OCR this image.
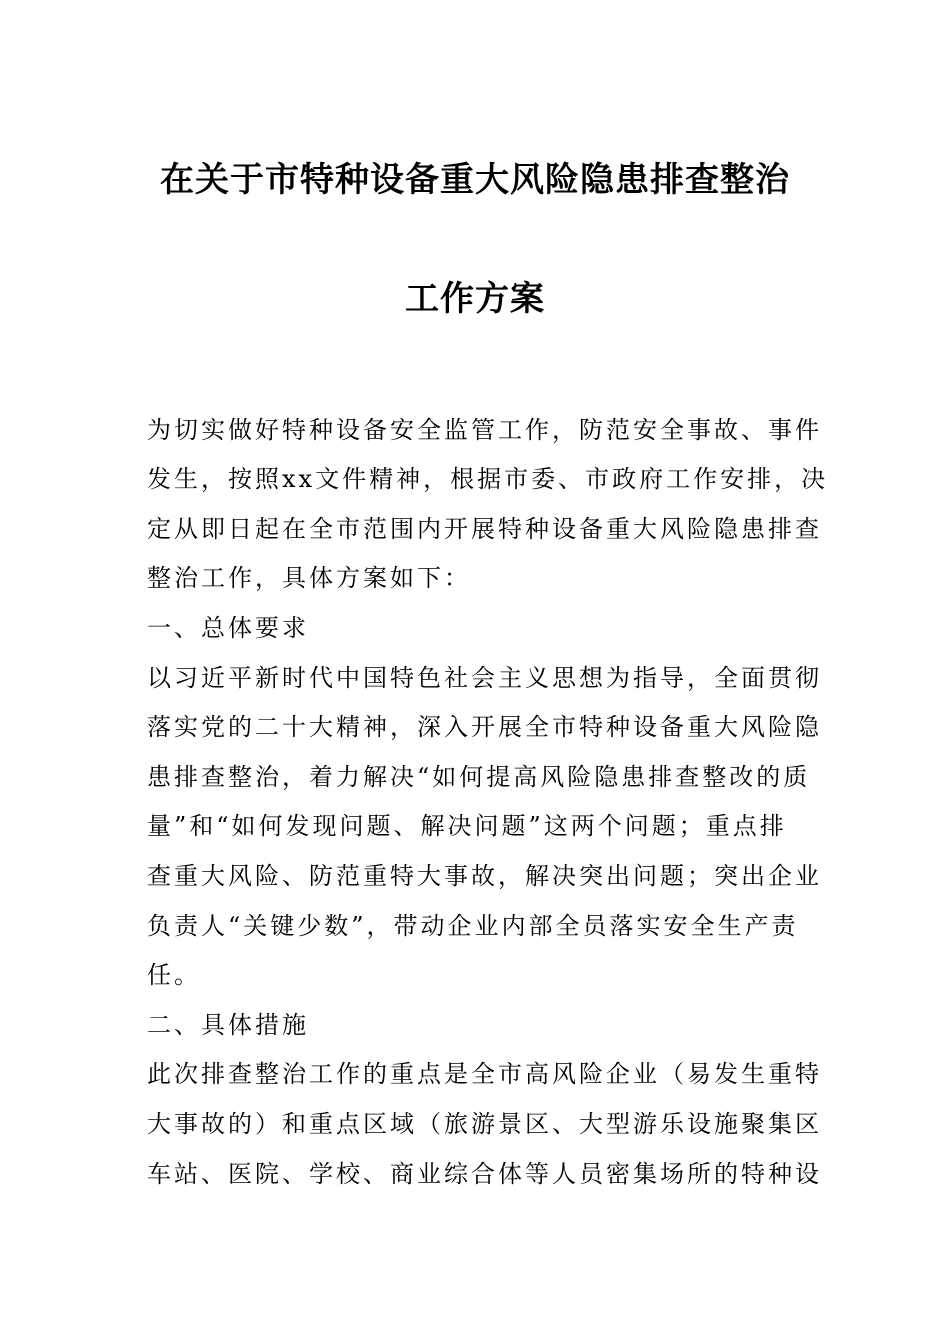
在关于市特种设备重大风险隐患排查整治
工作方案
为切实做好特种设备安全监管工作，防范安全事故、事件
发生，按照xx文件精神，根据市委、市政府工作安排，决
定从即日起在全市范围内开展特种设备重大风险隐患排查
整治工作，具体方案如下：
一、总体要求
以习近平新时代中国特色社会主义思想为指导，全面贯彻
落实党的二十大精神，深入开展全市特种设备重大风险隐
患排查整治，着力解决“如何提高风险隐患排查整改的质
量”和“如何发现问题、解决问题”这两个问题；重点排
查重大风险、防范重特大事故，解决突出问题；突出企业
负责人“关键少数”，带动企业内部全员落实安全生产责
任。
二、具体措施
此次排查整治工作的重点是全市高风险企业（易发生重特
大事故的）和重点区域（旅游景区、大型游乐设施聚集区
车站、医院、学校、商业综合体等人员密集场所的特种设
